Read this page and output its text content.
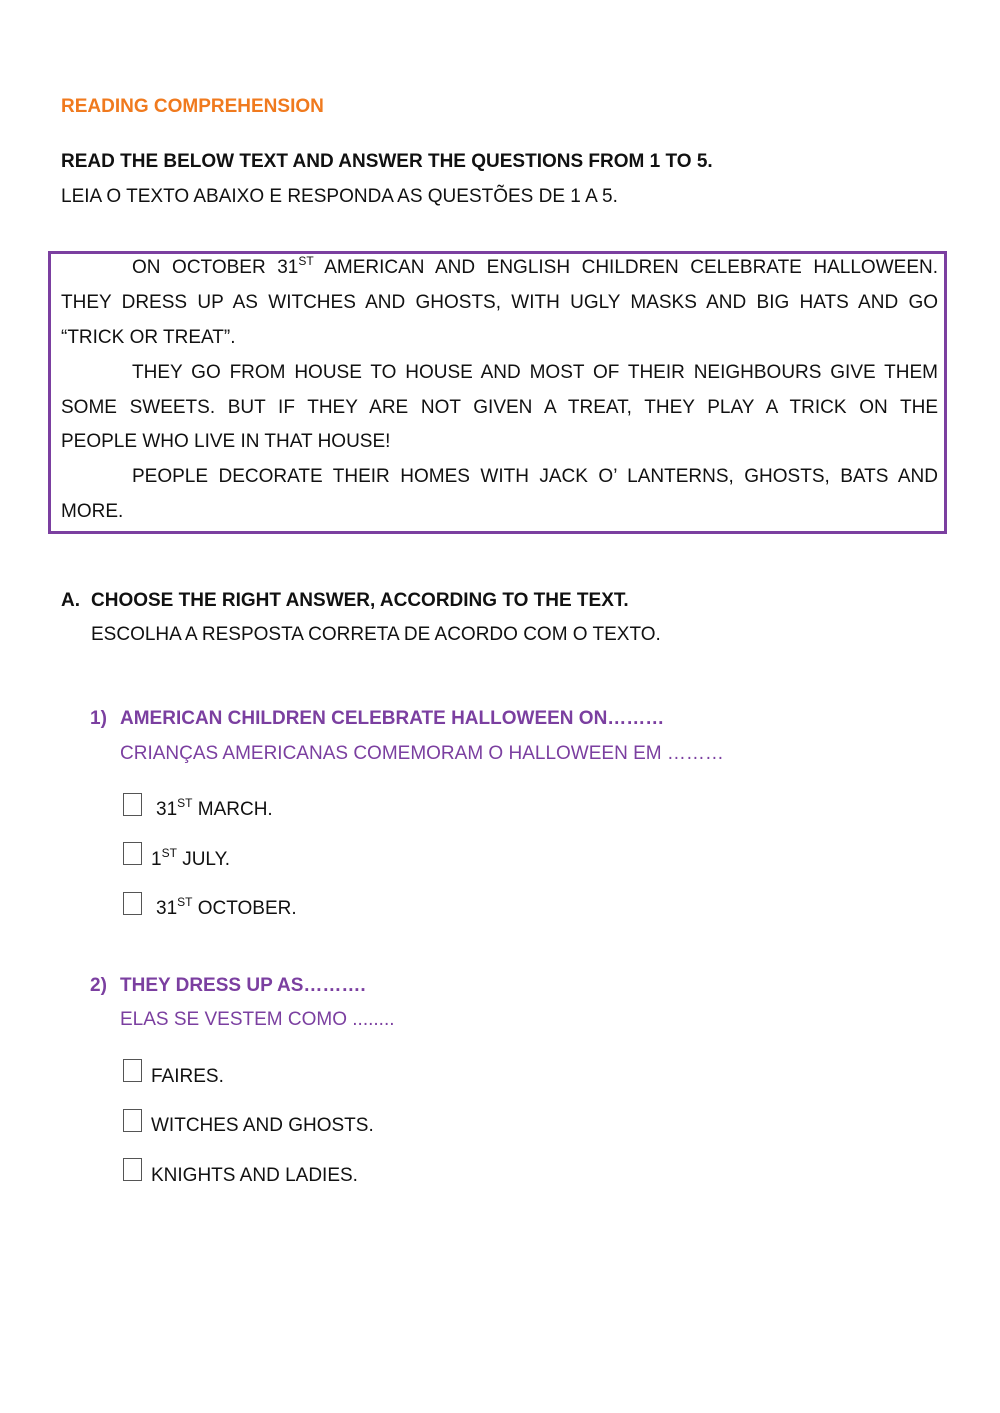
READING COMPREHENSION
READ THE BELOW TEXT AND ANSWER THE QUESTIONS FROM 1 TO 5.
LEIA O TEXTO ABAIXO E RESPONDA AS QUESTÕES DE 1 A 5.
ON OCTOBER 31ST AMERICAN AND ENGLISH CHILDREN CELEBRATE HALLOWEEN.
THEY DRESS UP AS WITCHES AND GHOSTS, WITH UGLY MASKS AND BIG HATS AND GO
“TRICK OR TREAT”.
THEY GO FROM HOUSE TO HOUSE AND MOST OF THEIR NEIGHBOURS GIVE THEM
SOME SWEETS. BUT IF THEY ARE NOT GIVEN A TREAT, THEY PLAY A TRICK ON THE
PEOPLE WHO LIVE IN THAT HOUSE!
PEOPLE DECORATE THEIR HOMES WITH JACK O’ LANTERNS, GHOSTS, BATS AND
MORE.
A. CHOOSE THE RIGHT ANSWER, ACCORDING TO THE TEXT.
ESCOLHA A RESPOSTA CORRETA DE ACORDO COM O TEXTO.
1) AMERICAN CHILDREN CELEBRATE HALLOWEEN ON………
CRIANÇAS AMERICANAS COMEMORAM O HALLOWEEN EM ………
31ST MARCH.
1ST JULY.
31ST OCTOBER.
2) THEY DRESS UP AS……….
ELAS SE VESTEM COMO ........
FAIRES.
WITCHES AND GHOSTS.
KNIGHTS AND LADIES.
